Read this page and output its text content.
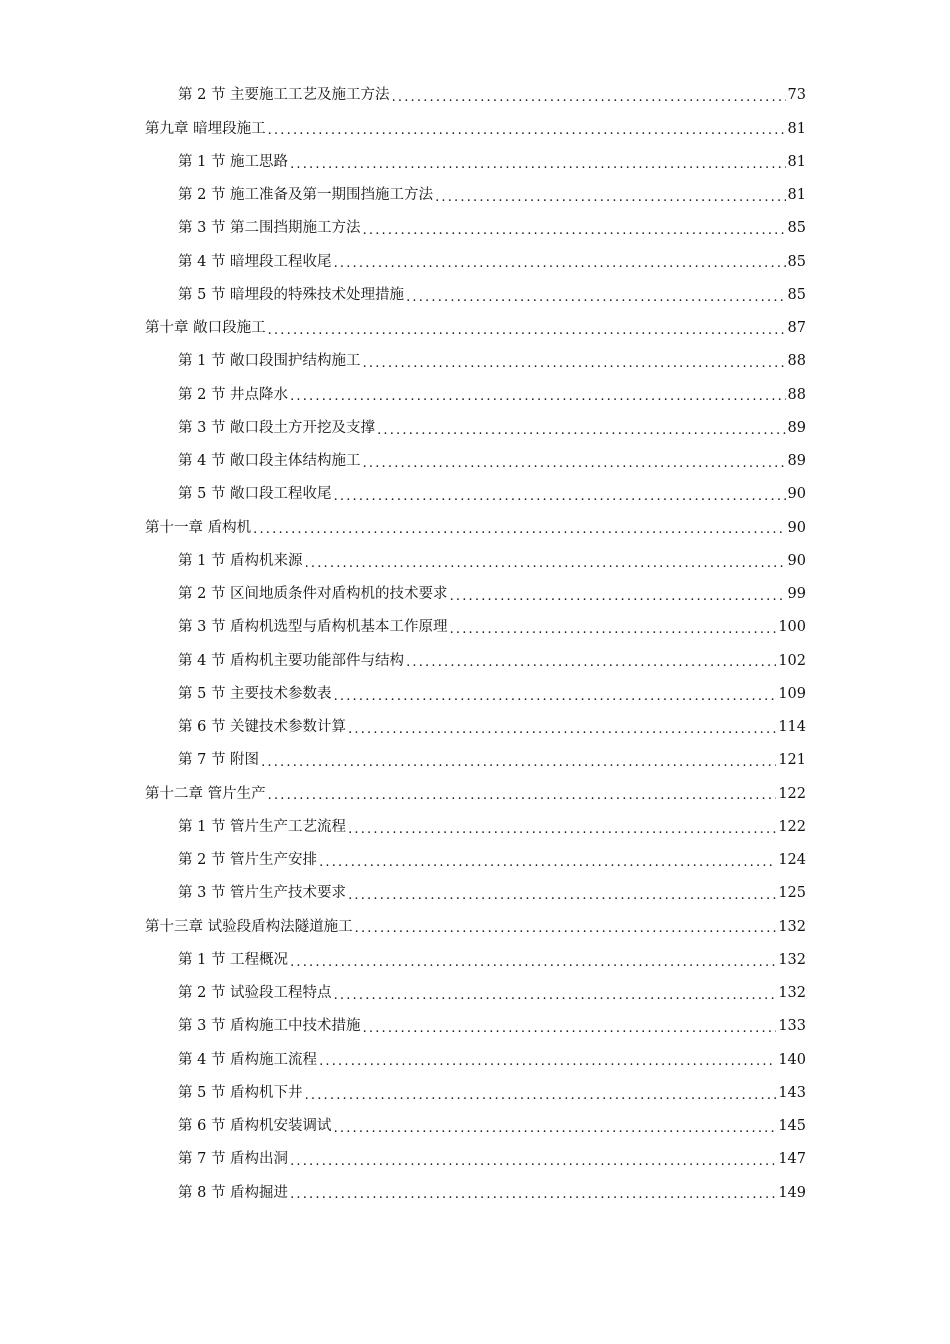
第 2 节 主要施工工艺及施工方法 .....	73
第九章 暗埋段施工 .....	81
第 1 节 施工思路 .....	81
第 2 节 施工准备及第一期围挡施工方法 .....	81
第 3 节 第二围挡期施工方法 .....	85
第 4 节 暗埋段工程收尾 .....	85
第 5 节 暗埋段的特殊技术处理措施 .....	85
第十章 敞口段施工 .....	87
第 1 节 敞口段围护结构施工 .....	88
第 2 节 井点降水 .....	88
第 3 节 敞口段土方开挖及支撑 .....	89
第 4 节 敞口段主体结构施工 .....	89
第 5 节 敞口段工程收尾 .....	90
第十一章 盾构机 .....	90
第 1 节 盾构机来源 .....	90
第 2 节 区间地质条件对盾构机的技术要求 .....	99
第 3 节 盾构机选型与盾构机基本工作原理 .....	100
第 4 节 盾构机主要功能部件与结构 .....	102
第 5 节 主要技术参数表 .....	109
第 6 节 关键技术参数计算 .....	114
第 7 节 附图 .....	121
第十二章 管片生产 .....	122
第 1 节 管片生产工艺流程 .....	122
第 2 节 管片生产安排 .....	124
第 3 节 管片生产技术要求 .....	125
第十三章 试验段盾构法隧道施工 .....	132
第 1 节 工程概况 .....	132
第 2 节 试验段工程特点 .....	132
第 3 节 盾构施工中技术措施 .....	133
第 4 节 盾构施工流程 .....	140
第 5 节 盾构机下井 .....	143
第 6 节 盾构机安装调试 .....	145
第 7 节 盾构出洞 .....	147
第 8 节 盾构掘进 .....	149
